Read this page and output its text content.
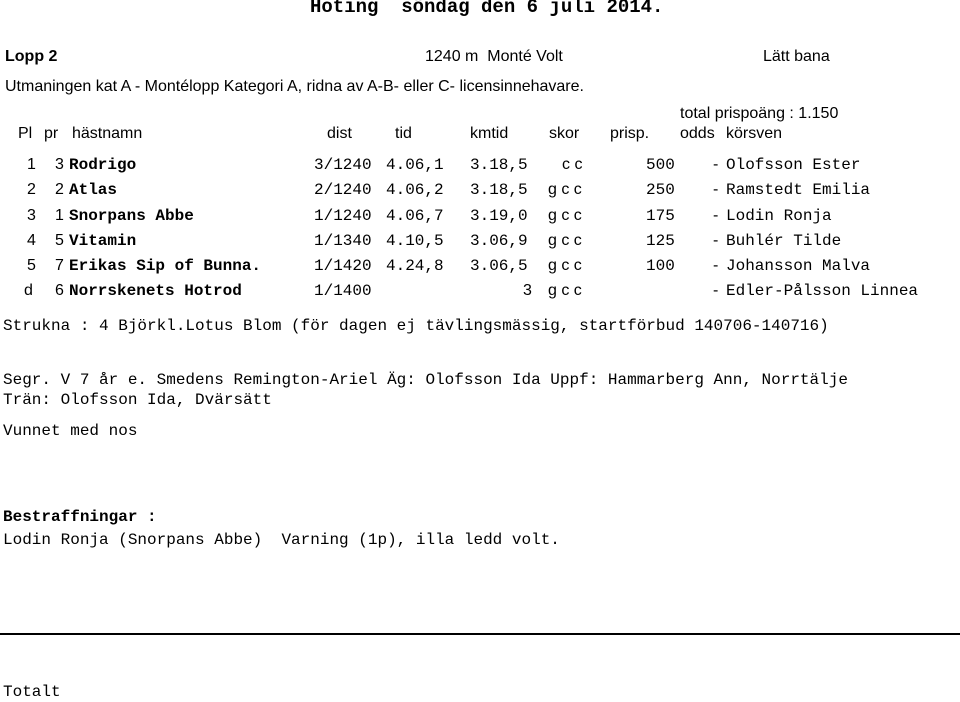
Hoting  söndag den 6 juli 2014.
Lopp 2	1240 m  Monté Volt	Lätt bana
Utmaningen kat A - Montélopp Kategori A, ridna av A-B- eller C- licensinnehavare.
total prispoäng : 1.150
Pl pr hästnamn	dist	tid	kmtid	skor prisp. odds körsven
1 3 Rodrigo	3/1240 4.06,1 3.18,5 c c	500 - Olofsson Ester
2 2 Atlas	2/1240 4.06,2 3.18,5 g c c	250 - Ramstedt Emilia
3 1 Snorpans Abbe	1/1240 4.06,7 3.19,0 g c c	175 - Lodin Ronja
4 5 Vitamin	1/1340 4.10,5 3.06,9 g c c	125 - Buhlér Tilde
5 7 Erikas Sip of Bunna.	1/1420 4.24,8 3.06,5 g c c	100 - Johansson Malva
d 6 Norrskenets Hotrod	1/1400	3 g c c	- Edler-Pålsson Linnea
Strukna : 4 Björkl.Lotus Blom (för dagen ej tävlingsmässig, startförbud 140706-140716)
Segr. V 7 år e. Smedens Remington-Ariel Äg: Olofsson Ida Uppf: Hammarberg Ann, Norrtälje
Trän: Olofsson Ida, Dvärsätt
Vunnet med nos
Bestraffningar :
Lodin Ronja (Snorpans Abbe)  Varning (1p), illa ledd volt.
Totalt
